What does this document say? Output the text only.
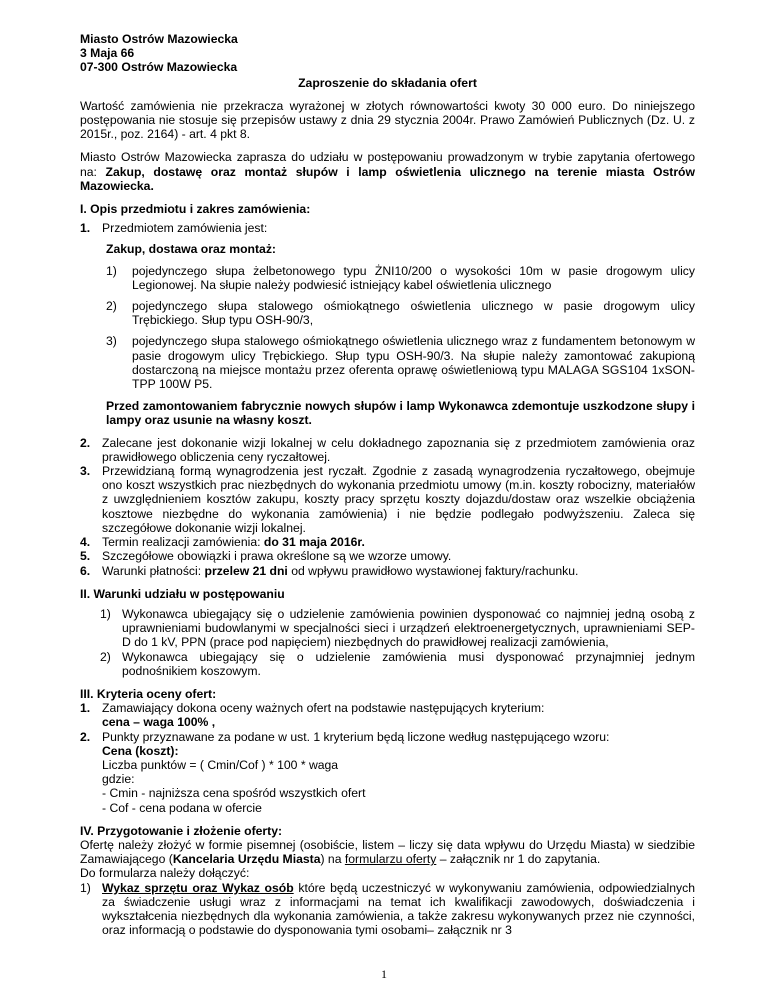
Miasto Ostrów Mazowiecka

3 Maja 66

07-300 Ostrów Mazowiecka

Zaproszenie do składania ofert

Wartość zamówienia nie przekracza wyrażonej w złotych równowartości kwoty 30 000 euro. Do niniejszego postępowania nie stosuje się przepisów ustawy z dnia 29 stycznia 2004r. Prawo Zamówień Publicznych (Dz. U. z 2015r., poz. 2164) - art. 4 pkt 8.

Miasto Ostrów Mazowiecka zaprasza do udziału w postępowaniu prowadzonym w trybie zapytania ofertowego na: Zakup, dostawę oraz montaż słupów i lamp oświetlenia ulicznego na terenie miasta Ostrów Mazowiecka.

I. Opis przedmiotu i zakres zamówienia:

1. Przedmiotem zamówienia jest:

Zakup, dostawa oraz montaż:

1) pojedynczego słupa żelbetonowego typu ŻNI10/200 o wysokości 10m w pasie drogowym ulicy Legionowej. Na słupie należy podwiesić istniejący kabel oświetlenia ulicznego
2) pojedynczego słupa stalowego ośmiokątnego oświetlenia ulicznego w pasie drogowym ulicy Trębickiego. Słup typu OSH-90/3,
3) pojedynczego słupa stalowego ośmiokątnego oświetlenia ulicznego wraz z fundamentem betonowym w pasie drogowym ulicy Trębickiego. Słup typu OSH-90/3. Na słupie należy zamontować zakupioną dostarczoną na miejsce montażu przez oferenta oprawę oświetleniową typu MALAGA SGS104 1xSON-TPP 100W P5.

Przed zamontowaniem fabrycznie nowych słupów i lamp Wykonawca zdemontuje uszkodzone słupy i lampy oraz usunie na własny koszt.

2. Zalecane jest dokonanie wizji lokalnej w celu dokładnego zapoznania się z przedmiotem zamówienia oraz prawidłowego obliczenia ceny ryczałtowej.
3. Przewidzianą formą wynagrodzenia jest ryczałt. Zgodnie z zasadą wynagrodzenia ryczałtowego, obejmuje ono koszt wszystkich prac niezbędnych do wykonania przedmiotu umowy (m.in. koszty robocizny, materiałów z uwzględnieniem kosztów zakupu, koszty pracy sprzętu koszty dojazdu/dostaw oraz wszelkie obciążenia kosztowe niezbędne do wykonania zamówienia) i nie będzie podlegało podwyższeniu. Zaleca się szczegółowe dokonanie wizji lokalnej.
4. Termin realizacji zamówienia: do 31 maja 2016r.
5. Szczegółowe obowiązki i prawa określone są we wzorze umowy.
6. Warunki płatności: przelew 21 dni od wpływu prawidłowo wystawionej faktury/rachunku.

II. Warunki udziału w postępowaniu

1) Wykonawca ubiegający się o udzielenie zamówienia powinien dysponować co najmniej jedną osobą z uprawnieniami budowlanymi w specjalności sieci i urządzeń elektroenergetycznych, uprawnieniami SEP-D do 1 kV, PPN (prace pod napięciem) niezbędnych do prawidłowej realizacji zamówienia,
2) Wykonawca ubiegający się o udzielenie zamówienia musi dysponować przynajmniej jednym podnośnikiem koszowym.

III. Kryteria oceny ofert:

1. Zamawiający dokona oceny ważnych ofert na podstawie następujących kryterium:
cena – waga 100% ,
2. Punkty przyznawane za podane w ust. 1 kryterium będą liczone według następującego wzoru:
Cena (koszt):
Liczba punktów = ( Cmin/Cof ) * 100 * waga
gdzie:
- Cmin - najniższa cena spośród wszystkich ofert
- Cof - cena podana w ofercie

IV. Przygotowanie i złożenie oferty:

Ofertę należy złożyć w formie pisemnej (osobiście, listem – liczy się data wpływu do Urzędu Miasta) w siedzibie Zamawiającego (Kancelaria Urzędu Miasta) na formularzu oferty – załącznik nr 1 do zapytania.

Do formularza należy dołączyć:

1) Wykaz sprzętu oraz Wykaz osób które będą uczestniczyć w wykonywaniu zamówienia, odpowiedzialnych za świadczenie usługi wraz z informacjami na temat ich kwalifikacji zawodowych, doświadczenia i wykształcenia niezbędnych dla wykonania zamówienia, a także zakresu wykonywanych przez nie czynności, oraz informacją o podstawie do dysponowania tymi osobami– załącznik nr 3
1
